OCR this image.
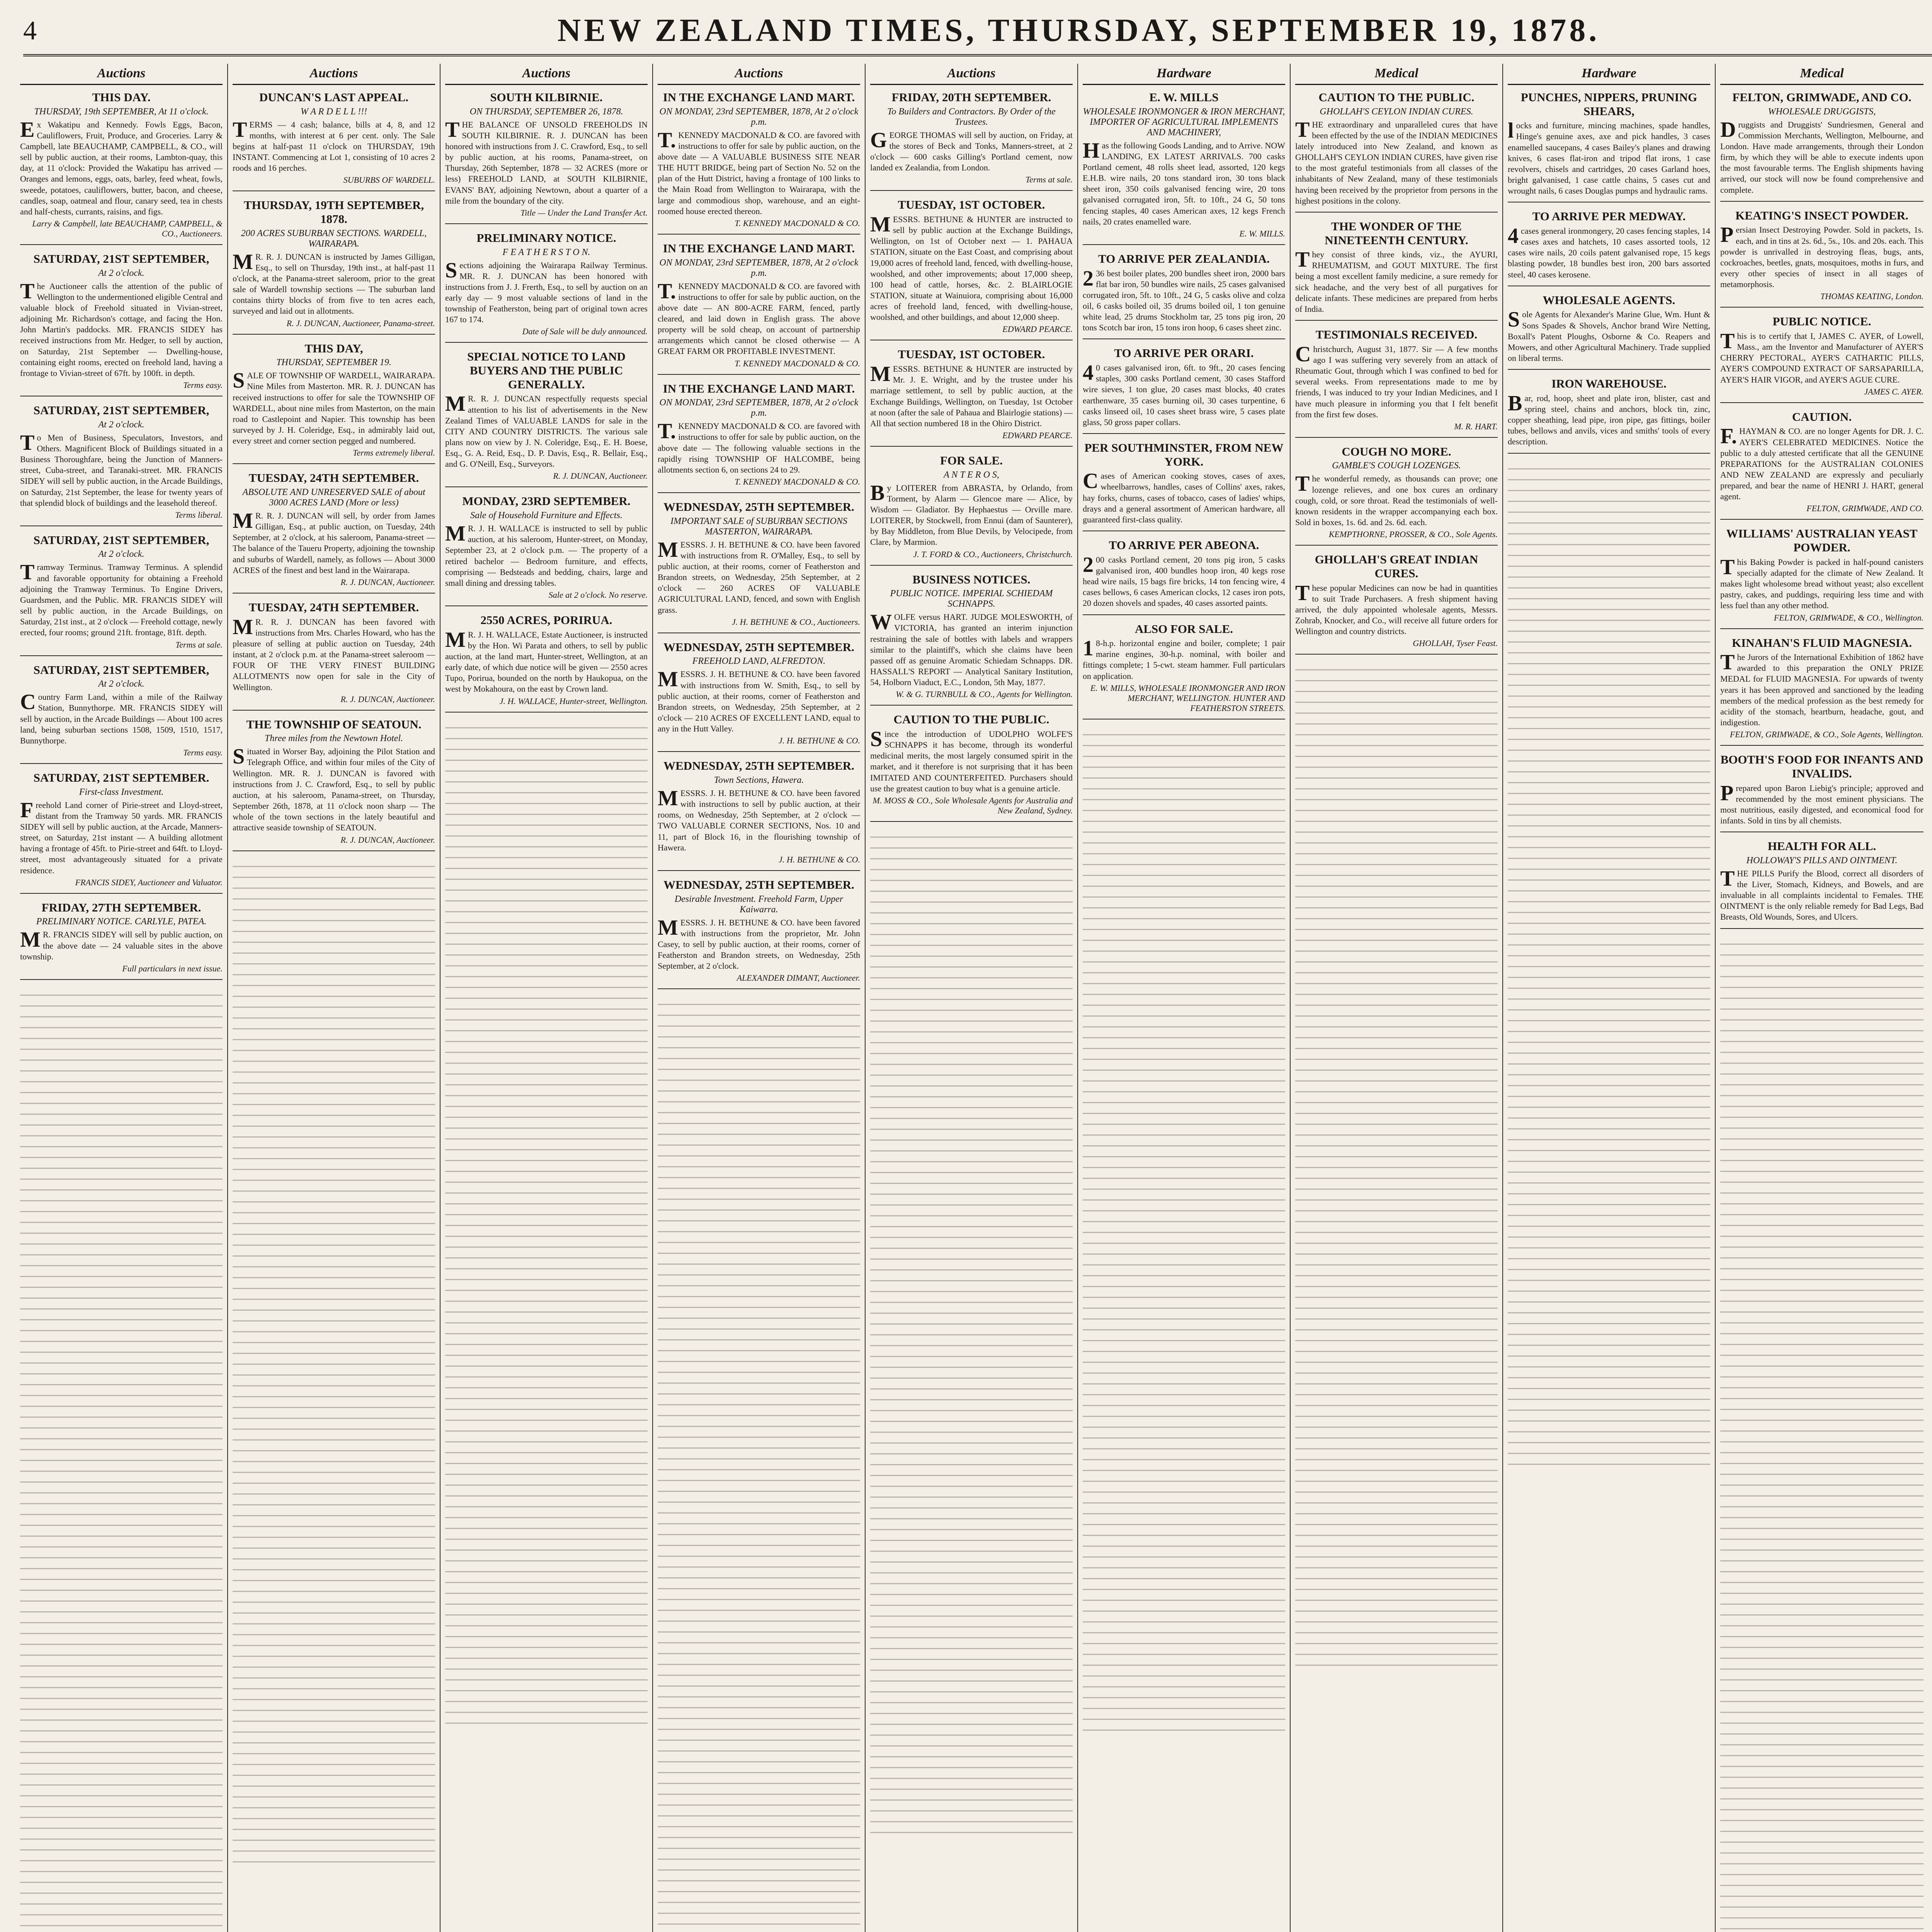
4	NEW ZEALAND TIMES, THURSDAY, SEPTEMBER 19, 1878.
Auctions
THIS DAY.
THURSDAY, 19th SEPTEMBER, At 11 o'clock.
Ex Wakatipu and Kennedy. Fowls Eggs, Bacon, Cauliflowers, Fruit, Produce, and Groceries. Larry & Campbell, late BEAUCHAMP, CAMPBELL, & CO., will sell by public auction, at their rooms, Lambton-quay, this day, at 11 o'clock: Provided the Wakatipu has arrived — Oranges and lemons, eggs, oats, barley, feed wheat, fowls, sweede, potatoes, cauliflowers, butter, bacon, and cheese, candles, soap, oatmeal and flour, canary seed, tea in chests and half-chests, currants, raisins, and figs.
Larry & Campbell, late BEAUCHAMP, CAMPBELL, & CO., Auctioneers.
SATURDAY, 21ST SEPTEMBER,
At 2 o'clock.
The Auctioneer calls the attention of the public of Wellington to the undermentioned eligible Central and valuable block of Freehold situated in Vivian-street, adjoining Mr. Richardson's cottage, and facing the Hon. John Martin's paddocks. MR. FRANCIS SIDEY has received instructions from Mr. Hedger, to sell by auction, on Saturday, 21st September — Dwelling-house, containing eight rooms, erected on freehold land, having a frontage to Vivian-street of 67ft. by 100ft. in depth.
Terms easy.
SATURDAY, 21ST SEPTEMBER,
At 2 o'clock.
To Men of Business, Speculators, Investors, and Others. Magnificent Block of Buildings situated in a Business Thoroughfare, being the Junction of Manners-street, Cuba-street, and Taranaki-street. MR. FRANCIS SIDEY will sell by public auction, in the Arcade Buildings, on Saturday, 21st September, the lease for twenty years of that splendid block of buildings and the leasehold thereof.
Terms liberal.
SATURDAY, 21ST SEPTEMBER,
At 2 o'clock.
Tramway Terminus. Tramway Terminus. A splendid and favorable opportunity for obtaining a Freehold adjoining the Tramway Terminus. To Engine Drivers, Guardsmen, and the Public. MR. FRANCIS SIDEY will sell by public auction, in the Arcade Buildings, on Saturday, 21st inst., at 2 o'clock — Freehold cottage, newly erected, four rooms; ground 21ft. frontage, 81ft. depth.
Terms at sale.
SATURDAY, 21ST SEPTEMBER,
At 2 o'clock.
Country Farm Land, within a mile of the Railway Station, Bunnythorpe. MR. FRANCIS SIDEY will sell by auction, in the Arcade Buildings — About 100 acres land, being suburban sections 1508, 1509, 1510, 1517, Bunnythorpe.
Terms easy.
SATURDAY, 21ST SEPTEMBER.
First-class Investment.
Freehold Land corner of Pirie-street and Lloyd-street, distant from the Tramway 50 yards. MR. FRANCIS SIDEY will sell by public auction, at the Arcade, Manners-street, on Saturday, 21st instant — A building allotment having a frontage of 45ft. to Pirie-street and 64ft. to Lloyd-street, most advantageously situated for a private residence.
FRANCIS SIDEY, Auctioneer and Valuator.
FRIDAY, 27TH SEPTEMBER.
PRELIMINARY NOTICE. CARLYLE, PATEA.
MR. FRANCIS SIDEY will sell by public auction, on the above date — 24 valuable sites in the above township.
Full particulars in next issue.
Auctions
DUNCAN'S LAST APPEAL.
W A R D E L L !!!
TERMS — 4 cash; balance, bills at 4, 8, and 12 months, with interest at 6 per cent. only. The Sale begins at half-past 11 o'clock on THURSDAY, 19th INSTANT. Commencing at Lot 1, consisting of 10 acres 2 roods and 16 perches.
SUBURBS OF WARDELL.
THURSDAY, 19TH SEPTEMBER, 1878.
200 ACRES SUBURBAN SECTIONS. WARDELL, WAIRARAPA.
MR. R. J. DUNCAN is instructed by James Gilligan, Esq., to sell on Thursday, 19th inst., at half-past 11 o'clock, at the Panama-street saleroom, prior to the great sale of Wardell township sections — The suburban land contains thirty blocks of from five to ten acres each, surveyed and laid out in allotments.
R. J. DUNCAN, Auctioneer, Panama-street.
THIS DAY,
THURSDAY, SEPTEMBER 19.
SALE OF TOWNSHIP OF WARDELL, WAIRARAPA. Nine Miles from Masterton. MR. R. J. DUNCAN has received instructions to offer for sale the TOWNSHIP OF WARDELL, about nine miles from Masterton, on the main road to Castlepoint and Napier. This township has been surveyed by J. H. Coleridge, Esq., in admirably laid out, every street and corner section pegged and numbered.
Terms extremely liberal.
TUESDAY, 24TH SEPTEMBER.
ABSOLUTE AND UNRESERVED SALE of about 3000 ACRES LAND (More or less)
MR. R. J. DUNCAN will sell, by order from James Gilligan, Esq., at public auction, on Tuesday, 24th September, at 2 o'clock, at his saleroom, Panama-street — The balance of the Taueru Property, adjoining the township and suburbs of Wardell, namely, as follows — About 3000 ACRES of the finest and best land in the Wairarapa.
R. J. DUNCAN, Auctioneer.
TUESDAY, 24TH SEPTEMBER.
MR. R. J. DUNCAN has been favored with instructions from Mrs. Charles Howard, who has the pleasure of selling at public auction on Tuesday, 24th instant, at 2 o'clock p.m. at the Panama-street saleroom — FOUR OF THE VERY FINEST BUILDING ALLOTMENTS now open for sale in the City of Wellington.
R. J. DUNCAN, Auctioneer.
THE TOWNSHIP OF SEATOUN.
Three miles from the Newtown Hotel.
Situated in Worser Bay, adjoining the Pilot Station and Telegraph Office, and within four miles of the City of Wellington. MR. R. J. DUNCAN is favored with instructions from J. C. Crawford, Esq., to sell by public auction, at his saleroom, Panama-street, on Thursday, September 26th, 1878, at 11 o'clock noon sharp — The whole of the town sections in the lately beautiful and attractive seaside township of SEATOUN.
R. J. DUNCAN, Auctioneer.
Auctions
SOUTH KILBIRNIE.
ON THURSDAY, SEPTEMBER 26, 1878.
THE BALANCE OF UNSOLD FREEHOLDS IN SOUTH KILBIRNIE. R. J. DUNCAN has been honored with instructions from J. C. Crawford, Esq., to sell by public auction, at his rooms, Panama-street, on Thursday, 26th September, 1878 — 32 ACRES (more or less) FREEHOLD LAND, at SOUTH KILBIRNIE, EVANS' BAY, adjoining Newtown, about a quarter of a mile from the boundary of the city.
Title — Under the Land Transfer Act.
PRELIMINARY NOTICE.
F E A T H E R S T O N.
Sections adjoining the Wairarapa Railway Terminus. MR. R. J. DUNCAN has been honored with instructions from J. J. Frerth, Esq., to sell by auction on an early day — 9 most valuable sections of land in the township of Featherston, being part of original town acres 167 to 174.
Date of Sale will be duly announced.
SPECIAL NOTICE TO LAND BUYERS AND THE PUBLIC GENERALLY.
MR. R. J. DUNCAN respectfully requests special attention to his list of advertisements in the New Zealand Times of VALUABLE LANDS for sale in the CITY AND COUNTRY DISTRICTS. The various sale plans now on view by J. N. Coleridge, Esq., E. H. Boese, Esq., G. A. Reid, Esq., D. P. Davis, Esq., R. Bellair, Esq., and G. O'Neill, Esq., Surveyors.
R. J. DUNCAN, Auctioneer.
MONDAY, 23RD SEPTEMBER.
Sale of Household Furniture and Effects.
MR. J. H. WALLACE is instructed to sell by public auction, at his saleroom, Hunter-street, on Monday, September 23, at 2 o'clock p.m. — The property of a retired bachelor — Bedroom furniture, and effects, comprising — Bedsteads and bedding, chairs, large and small dining and dressing tables.
Sale at 2 o'clock. No reserve.
2550 ACRES, PORIRUA.
MR. J. H. WALLACE, Estate Auctioneer, is instructed by the Hon. Wi Parata and others, to sell by public auction, at the land mart, Hunter-street, Wellington, at an early date, of which due notice will be given — 2550 acres Tupo, Porirua, bounded on the north by Haukopua, on the west by Mokahoura, on the east by Crown land.
J. H. WALLACE, Hunter-street, Wellington.
Auctions
IN THE EXCHANGE LAND MART.
ON MONDAY, 23rd SEPTEMBER, 1878, At 2 o'clock p.m.
T.KENNEDY MACDONALD & CO. are favored with instructions to offer for sale by public auction, on the above date — A VALUABLE BUSINESS SITE NEAR THE HUTT BRIDGE, being part of Section No. 52 on the plan of the Hutt District, having a frontage of 100 links to the Main Road from Wellington to Wairarapa, with the large and commodious shop, warehouse, and an eight-roomed house erected thereon.
T. KENNEDY MACDONALD & CO.
IN THE EXCHANGE LAND MART.
ON MONDAY, 23rd SEPTEMBER, 1878, At 2 o'clock p.m.
T.KENNEDY MACDONALD & CO. are favored with instructions to offer for sale by public auction, on the above date — AN 800-ACRE FARM, fenced, partly cleared, and laid down in English grass. The above property will be sold cheap, on account of partnership arrangements which cannot be closed otherwise — A GREAT FARM OR PROFITABLE INVESTMENT.
T. KENNEDY MACDONALD & CO.
IN THE EXCHANGE LAND MART.
ON MONDAY, 23rd SEPTEMBER, 1878, At 2 o'clock p.m.
T.KENNEDY MACDONALD & CO. are favored with instructions to offer for sale by public auction, on the above date — The following valuable sections in the rapidly rising TOWNSHIP OF HALCOMBE, being allotments section 6, on sections 24 to 29.
T. KENNEDY MACDONALD & CO.
WEDNESDAY, 25TH SEPTEMBER.
IMPORTANT SALE of SUBURBAN SECTIONS MASTERTON, WAIRARAPA.
MESSRS. J. H. BETHUNE & CO. have been favored with instructions from R. O'Malley, Esq., to sell by public auction, at their rooms, corner of Featherston and Brandon streets, on Wednesday, 25th September, at 2 o'clock — 260 ACRES OF VALUABLE AGRICULTURAL LAND, fenced, and sown with English grass.
J. H. BETHUNE & CO., Auctioneers.
WEDNESDAY, 25TH SEPTEMBER.
FREEHOLD LAND, ALFREDTON.
MESSRS. J. H. BETHUNE & CO. have been favored with instructions from W. Smith, Esq., to sell by public auction, at their rooms, corner of Featherston and Brandon streets, on Wednesday, 25th September, at 2 o'clock — 210 ACRES OF EXCELLENT LAND, equal to any in the Hutt Valley.
J. H. BETHUNE & CO.
WEDNESDAY, 25TH SEPTEMBER.
Town Sections, Hawera.
MESSRS. J. H. BETHUNE & CO. have been favored with instructions to sell by public auction, at their rooms, on Wednesday, 25th September, at 2 o'clock — TWO VALUABLE CORNER SECTIONS, Nos. 10 and 11, part of Block 16, in the flourishing township of Hawera.
J. H. BETHUNE & CO.
WEDNESDAY, 25TH SEPTEMBER.
Desirable Investment. Freehold Farm, Upper Kaiwarra.
MESSRS. J. H. BETHUNE & CO. have been favored with instructions from the proprietor, Mr. John Casey, to sell by public auction, at their rooms, corner of Featherston and Brandon streets, on Wednesday, 25th September, at 2 o'clock.
ALEXANDER DIMANT, Auctioneer.
Auctions
FRIDAY, 20TH SEPTEMBER.
To Builders and Contractors. By Order of the Trustees.
GEORGE THOMAS will sell by auction, on Friday, at the stores of Beck and Tonks, Manners-street, at 2 o'clock — 600 casks Gilling's Portland cement, now landed ex Zealandia, from London.
Terms at sale.
TUESDAY, 1ST OCTOBER.
MESSRS. BETHUNE & HUNTER are instructed to sell by public auction at the Exchange Buildings, Wellington, on 1st of October next — 1. PAHAUA STATION, situate on the East Coast, and comprising about 19,000 acres of freehold land, fenced, with dwelling-house, woolshed, and other improvements; about 17,000 sheep, 100 head of cattle, horses, &c. 2. BLAIRLOGIE STATION, situate at Wainuiora, comprising about 16,000 acres of freehold land, fenced, with dwelling-house, woolshed, and other buildings, and about 12,000 sheep.
EDWARD PEARCE.
TUESDAY, 1ST OCTOBER.
MESSRS. BETHUNE & HUNTER are instructed by Mr. J. E. Wright, and by the trustee under his marriage settlement, to sell by public auction, at the Exchange Buildings, Wellington, on Tuesday, 1st October at noon (after the sale of Pahaua and Blairlogie stations) — All that section numbered 18 in the Ohiro District.
EDWARD PEARCE.
FOR SALE.
A N T E R O S,
By LOITERER from ABRASTA, by Orlando, from Torment, by Alarm — Glencoe mare — Alice, by Wisdom — Gladiator. By Hephaestus — Orville mare. LOITERER, by Stockwell, from Ennui (dam of Saunterer), by Bay Middleton, from Blue Devils, by Velocipede, from Clare, by Marmion.
J. T. FORD & CO., Auctioneers, Christchurch.
BUSINESS NOTICES.
PUBLIC NOTICE. IMPERIAL SCHIEDAM SCHNAPPS.
WOLFE versus HART. JUDGE MOLESWORTH, of VICTORIA, has granted an interim injunction restraining the sale of bottles with labels and wrappers similar to the plaintiff's, which she claims have been passed off as genuine Aromatic Schiedam Schnapps. DR. HASSALL'S REPORT — Analytical Sanitary Institution, 54, Holborn Viaduct, E.C., London, 5th May, 1877.
W. & G. TURNBULL & CO., Agents for Wellington.
CAUTION TO THE PUBLIC.
Since the introduction of UDOLPHO WOLFE'S SCHNAPPS it has become, through its wonderful medicinal merits, the most largely consumed spirit in the market, and it therefore is not surprising that it has been IMITATED AND COUNTERFEITED. Purchasers should use the greatest caution to buy what is a genuine article.
M. MOSS & CO., Sole Wholesale Agents for Australia and New Zealand, Sydney.
Hardware
E. W. MILLS
WHOLESALE IRONMONGER & IRON MERCHANT, IMPORTER OF AGRICULTURAL IMPLEMENTS AND MACHINERY,
Has the following Goods Landing, and to Arrive. NOW LANDING, EX LATEST ARRIVALS. 700 casks Portland cement, 48 rolls sheet lead, assorted, 120 kegs E.H.B. wire nails, 20 tons standard iron, 30 tons black sheet iron, 350 coils galvanised fencing wire, 20 tons galvanised corrugated iron, 5ft. to 10ft., 24 G, 50 tons fencing staples, 40 cases American axes, 12 kegs French nails, 20 crates enamelled ware.
E. W. MILLS.
TO ARRIVE PER ZEALANDIA.
236 best boiler plates, 200 bundles sheet iron, 2000 bars flat bar iron, 50 bundles wire nails, 25 cases galvanised corrugated iron, 5ft. to 10ft., 24 G, 5 casks olive and colza oil, 6 casks boiled oil, 35 drums boiled oil, 1 ton genuine white lead, 25 drums Stockholm tar, 25 tons pig iron, 20 tons Scotch bar iron, 15 tons iron hoop, 6 cases sheet zinc.
TO ARRIVE PER ORARI.
40 cases galvanised iron, 6ft. to 9ft., 20 cases fencing staples, 300 casks Portland cement, 30 cases Stafford wire sieves, 1 ton glue, 20 cases mast blocks, 40 crates earthenware, 35 cases burning oil, 30 cases turpentine, 6 casks linseed oil, 10 cases sheet brass wire, 5 cases plate glass, 50 gross paper collars.
PER SOUTHMINSTER, FROM NEW YORK.
Cases of American cooking stoves, cases of axes, wheelbarrows, handles, cases of Collins' axes, rakes, hay forks, churns, cases of tobacco, cases of ladies' whips, drays and a general assortment of American hardware, all guaranteed first-class quality.
TO ARRIVE PER ABEONA.
200 casks Portland cement, 20 tons pig iron, 5 casks galvanised iron, 400 bundles hoop iron, 40 kegs rose head wire nails, 15 bags fire bricks, 14 ton fencing wire, 4 cases bellows, 6 cases American clocks, 12 cases iron pots, 20 dozen shovels and spades, 40 cases assorted paints.
ALSO FOR SALE.
18-h.p. horizontal engine and boiler, complete; 1 pair marine engines, 30-h.p. nominal, with boiler and fittings complete; 1 5-cwt. steam hammer. Full particulars on application.
E. W. MILLS, WHOLESALE IRONMONGER AND IRON MERCHANT, WELLINGTON. HUNTER AND FEATHERSTON STREETS.
Medical
CAUTION TO THE PUBLIC.
GHOLLAH'S CEYLON INDIAN CURES.
THE extraordinary and unparalleled cures that have been effected by the use of the INDIAN MEDICINES lately introduced into New Zealand, and known as GHOLLAH'S CEYLON INDIAN CURES, have given rise to the most grateful testimonials from all classes of the inhabitants of New Zealand, many of these testimonials having been received by the proprietor from persons in the highest positions in the colony.
THE WONDER OF THE NINETEENTH CENTURY.
They consist of three kinds, viz., the AYURI, RHEUMATISM, and GOUT MIXTURE. The first being a most excellent family medicine, a sure remedy for sick headache, and the very best of all purgatives for delicate infants. These medicines are prepared from herbs of India.
TESTIMONIALS RECEIVED.
Christchurch, August 31, 1877. Sir — A few months ago I was suffering very severely from an attack of Rheumatic Gout, through which I was confined to bed for several weeks. From representations made to me by friends, I was induced to try your Indian Medicines, and I have much pleasure in informing you that I felt benefit from the first few doses.
M. R. HART.
COUGH NO MORE.
GAMBLE'S COUGH LOZENGES.
The wonderful remedy, as thousands can prove; one lozenge relieves, and one box cures an ordinary cough, cold, or sore throat. Read the testimonials of well-known residents in the wrapper accompanying each box. Sold in boxes, 1s. 6d. and 2s. 6d. each.
KEMPTHORNE, PROSSER, & CO., Sole Agents.
GHOLLAH'S GREAT INDIAN CURES.
These popular Medicines can now be had in quantities to suit Trade Purchasers. A fresh shipment having arrived, the duly appointed wholesale agents, Messrs. Zohrab, Knocker, and Co., will receive all future orders for Wellington and country districts.
GHOLLAH, Tyser Feast.
Hardware
PUNCHES, NIPPERS, PRUNING SHEARS,
locks and furniture, mincing machines, spade handles, Hinge's genuine axes, axe and pick handles, 3 cases enamelled saucepans, 4 cases Bailey's planes and drawing knives, 6 cases flat-iron and tripod flat irons, 1 case revolvers, chisels and cartridges, 20 cases Garland hoes, bright galvanised, 1 case cattle chains, 5 cases cut and wrought nails, 6 cases Douglas pumps and hydraulic rams.
TO ARRIVE PER MEDWAY.
4cases general ironmongery, 20 cases fencing staples, 14 cases axes and hatchets, 10 cases assorted tools, 12 cases wire nails, 20 coils patent galvanised rope, 15 kegs blasting powder, 18 bundles best iron, 200 bars assorted steel, 40 cases kerosene.
WHOLESALE AGENTS.
Sole Agents for Alexander's Marine Glue, Wm. Hunt & Sons Spades & Shovels, Anchor brand Wire Netting, Boxall's Patent Ploughs, Osborne & Co. Reapers and Mowers, and other Agricultural Machinery. Trade supplied on liberal terms.
IRON WAREHOUSE.
Bar, rod, hoop, sheet and plate iron, blister, cast and spring steel, chains and anchors, block tin, zinc, copper sheathing, lead pipe, iron pipe, gas fittings, boiler tubes, bellows and anvils, vices and smiths' tools of every description.
Medical
FELTON, GRIMWADE, AND CO.
WHOLESALE DRUGGISTS,
Druggists and Druggists' Sundriesmen, General and Commission Merchants, Wellington, Melbourne, and London. Have made arrangements, through their London firm, by which they will be able to execute indents upon the most favourable terms. The English shipments having arrived, our stock will now be found comprehensive and complete.
KEATING'S INSECT POWDER.
Persian Insect Destroying Powder. Sold in packets, 1s. each, and in tins at 2s. 6d., 5s., 10s. and 20s. each. This powder is unrivalled in destroying fleas, bugs, ants, cockroaches, beetles, gnats, mosquitoes, moths in furs, and every other species of insect in all stages of metamorphosis.
THOMAS KEATING, London.
PUBLIC NOTICE.
This is to certify that I, JAMES C. AYER, of Lowell, Mass., am the Inventor and Manufacturer of AYER'S CHERRY PECTORAL, AYER'S CATHARTIC PILLS, AYER'S COMPOUND EXTRACT OF SARSAPARILLA, AYER'S HAIR VIGOR, and AYER'S AGUE CURE.
JAMES C. AYER.
CAUTION.
F.HAYMAN & CO. are no longer Agents for DR. J. C. AYER'S CELEBRATED MEDICINES. Notice the public to a duly attested certificate that all the GENUINE PREPARATIONS for the AUSTRALIAN COLONIES AND NEW ZEALAND are expressly and peculiarly prepared, and bear the name of HENRI J. HART, general agent.
FELTON, GRIMWADE, AND CO.
WILLIAMS' AUSTRALIAN YEAST POWDER.
This Baking Powder is packed in half-pound canisters specially adapted for the climate of New Zealand. It makes light wholesome bread without yeast; also excellent pastry, cakes, and puddings, requiring less time and with less fuel than any other method.
FELTON, GRIMWADE, & CO., Wellington.
KINAHAN'S FLUID MAGNESIA.
The Jurors of the International Exhibition of 1862 have awarded to this preparation the ONLY PRIZE MEDAL for FLUID MAGNESIA. For upwards of twenty years it has been approved and sanctioned by the leading members of the medical profession as the best remedy for acidity of the stomach, heartburn, headache, gout, and indigestion.
FELTON, GRIMWADE, & CO., Sole Agents, Wellington.
BOOTH'S FOOD FOR INFANTS AND INVALIDS.
Prepared upon Baron Liebig's principle; approved and recommended by the most eminent physicians. The most nutritious, easily digested, and economical food for infants. Sold in tins by all chemists.
HEALTH FOR ALL.
HOLLOWAY'S PILLS AND OINTMENT.
THE PILLS Purify the Blood, correct all disorders of the Liver, Stomach, Kidneys, and Bowels, and are invaluable in all complaints incidental to Females. THE OINTMENT is the only reliable remedy for Bad Legs, Bad Breasts, Old Wounds, Sores, and Ulcers.
